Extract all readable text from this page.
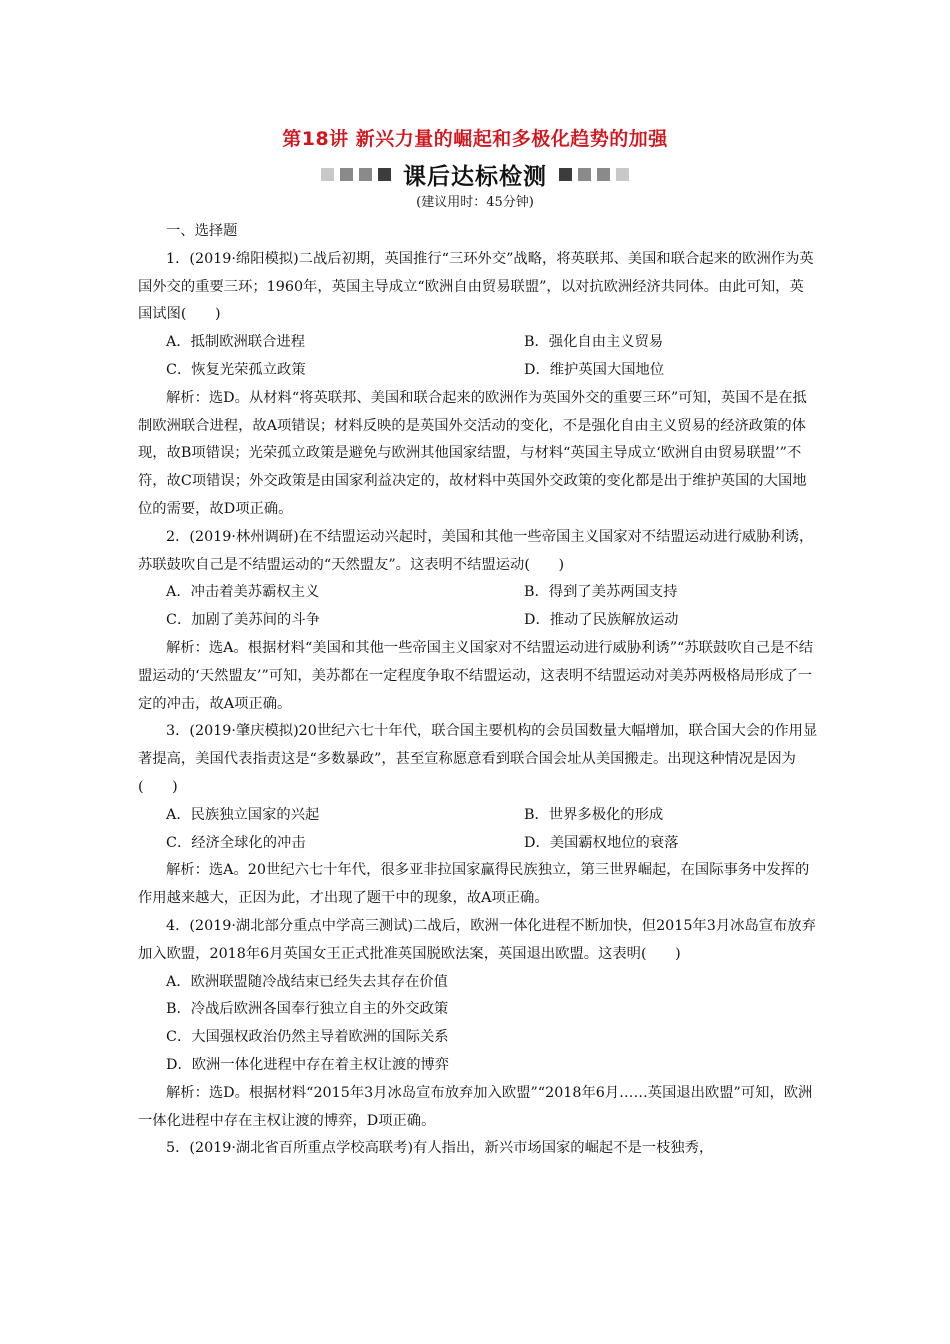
第18讲 新兴力量的崛起和多极化趋势的加强
课后达标检测
(建议用时：45分钟)

一、选择题

1．(2019·绵阳模拟)二战后初期，英国推行“三环外交”战略，将英联邦、美国和联合起来的欧洲作为英国外交的重要三环；1960年，英国主导成立“欧洲自由贸易联盟”，以对抗欧洲经济共同体。由此可知，英国试图(　　)

A．抵制欧洲联合进程	B．强化自由主义贸易
C．恢复光荣孤立政策	D．维护英国大国地位

解析：选D。从材料“将英联邦、美国和联合起来的欧洲作为英国外交的重要三环”可知，英国不是在抵制欧洲联合进程，故A项错误；材料反映的是英国外交活动的变化，不是强化自由主义贸易的经济政策的体现，故B项错误；光荣孤立政策是避免与欧洲其他国家结盟，与材料“英国主导成立‘欧洲自由贸易联盟’”不符，故C项错误；外交政策是由国家利益决定的，故材料中英国外交政策的变化都是出于维护英国的大国地位的需要，故D项正确。

2．(2019·林州调研)在不结盟运动兴起时，美国和其他一些帝国主义国家对不结盟运动进行威胁利诱，苏联鼓吹自己是不结盟运动的“天然盟友”。这表明不结盟运动(　　)

A．冲击着美苏霸权主义	B．得到了美苏两国支持
C．加剧了美苏间的斗争	D．推动了民族解放运动

解析：选A。根据材料“美国和其他一些帝国主义国家对不结盟运动进行威胁利诱”“苏联鼓吹自己是不结盟运动的‘天然盟友’”可知，美苏都在一定程度争取不结盟运动，这表明不结盟运动对美苏两极格局形成了一定的冲击，故A项正确。

3．(2019·肇庆模拟)20世纪六七十年代，联合国主要机构的会员国数量大幅增加，联合国大会的作用显著提高，美国代表指责这是“多数暴政”，甚至宣称愿意看到联合国会址从美国搬走。出现这种情况是因为(　　)

A．民族独立国家的兴起	B．世界多极化的形成
C．经济全球化的冲击	D．美国霸权地位的衰落

解析：选A。20世纪六七十年代，很多亚非拉国家赢得民族独立，第三世界崛起，在国际事务中发挥的作用越来越大，正因为此，才出现了题干中的现象，故A项正确。

4．(2019·湖北部分重点中学高三测试)二战后，欧洲一体化进程不断加快，但2015年3月冰岛宣布放弃加入欧盟，2018年6月英国女王正式批准英国脱欧法案，英国退出欧盟。这表明(　　)

A．欧洲联盟随冷战结束已经失去其存在价值

B．冷战后欧洲各国奉行独立自主的外交政策

C．大国强权政治仍然主导着欧洲的国际关系

D．欧洲一体化进程中存在着主权让渡的博弈

解析：选D。根据材料“2015年3月冰岛宣布放弃加入欧盟”“2018年6月……英国退出欧盟”可知，欧洲一体化进程中存在主权让渡的博弈，D项正确。

5．(2019·湖北省百所重点学校高联考)有人指出，新兴市场国家的崛起不是一枝独秀，
